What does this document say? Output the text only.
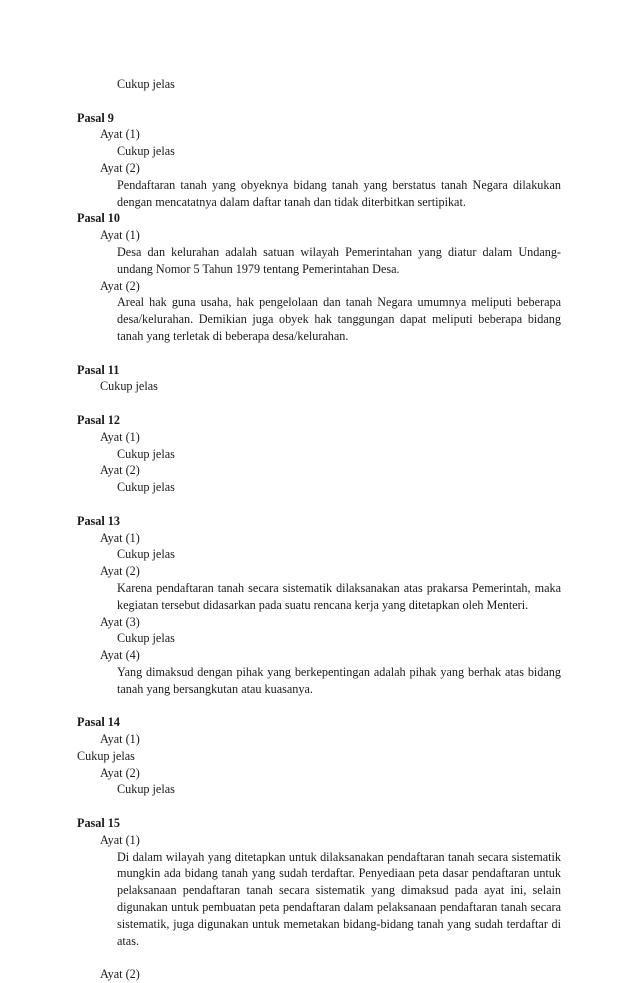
Cukup jelas
Pasal 9
Ayat (1)
Cukup jelas
Ayat (2)
Pendaftaran tanah yang obyeknya bidang tanah yang berstatus tanah Negara dilakukan dengan mencatatnya dalam daftar tanah dan tidak diterbitkan sertipikat.
Pasal 10
Ayat (1)
Desa dan kelurahan adalah satuan wilayah Pemerintahan yang diatur dalam Undang-undang Nomor 5 Tahun 1979 tentang Pemerintahan Desa.
Ayat (2)
Areal hak guna usaha, hak pengelolaan dan tanah Negara umumnya meliputi beberapa desa/kelurahan. Demikian juga obyek hak tanggungan dapat meliputi beberapa bidang tanah yang terletak di beberapa desa/kelurahan.
Pasal 11
Cukup jelas
Pasal 12
Ayat (1)
Cukup jelas
Ayat (2)
Cukup jelas
Pasal 13
Ayat (1)
Cukup jelas
Ayat (2)
Karena pendaftaran tanah secara sistematik dilaksanakan atas prakarsa Pemerintah, maka kegiatan tersebut didasarkan pada suatu rencana kerja yang ditetapkan oleh Menteri.
Ayat (3)
Cukup jelas
Ayat (4)
Yang dimaksud dengan pihak yang berkepentingan adalah pihak yang berhak atas bidang tanah yang bersangkutan atau kuasanya.
Pasal 14
Ayat (1)
Cukup jelas
Ayat (2)
Cukup jelas
Pasal 15
Ayat (1)
Di dalam wilayah yang ditetapkan untuk dilaksanakan pendaftaran tanah secara sistematik mungkin ada bidang tanah yang sudah terdaftar. Penyediaan peta dasar pendaftaran untuk pelaksanaan pendaftaran tanah secara sistematik yang dimaksud pada ayat ini, selain digunakan untuk pembuatan peta pendaftaran dalam pelaksanaan pendaftaran tanah secara sistematik, juga digunakan untuk memetakan bidang-bidang tanah yang sudah terdaftar di atas.
Ayat (2)
